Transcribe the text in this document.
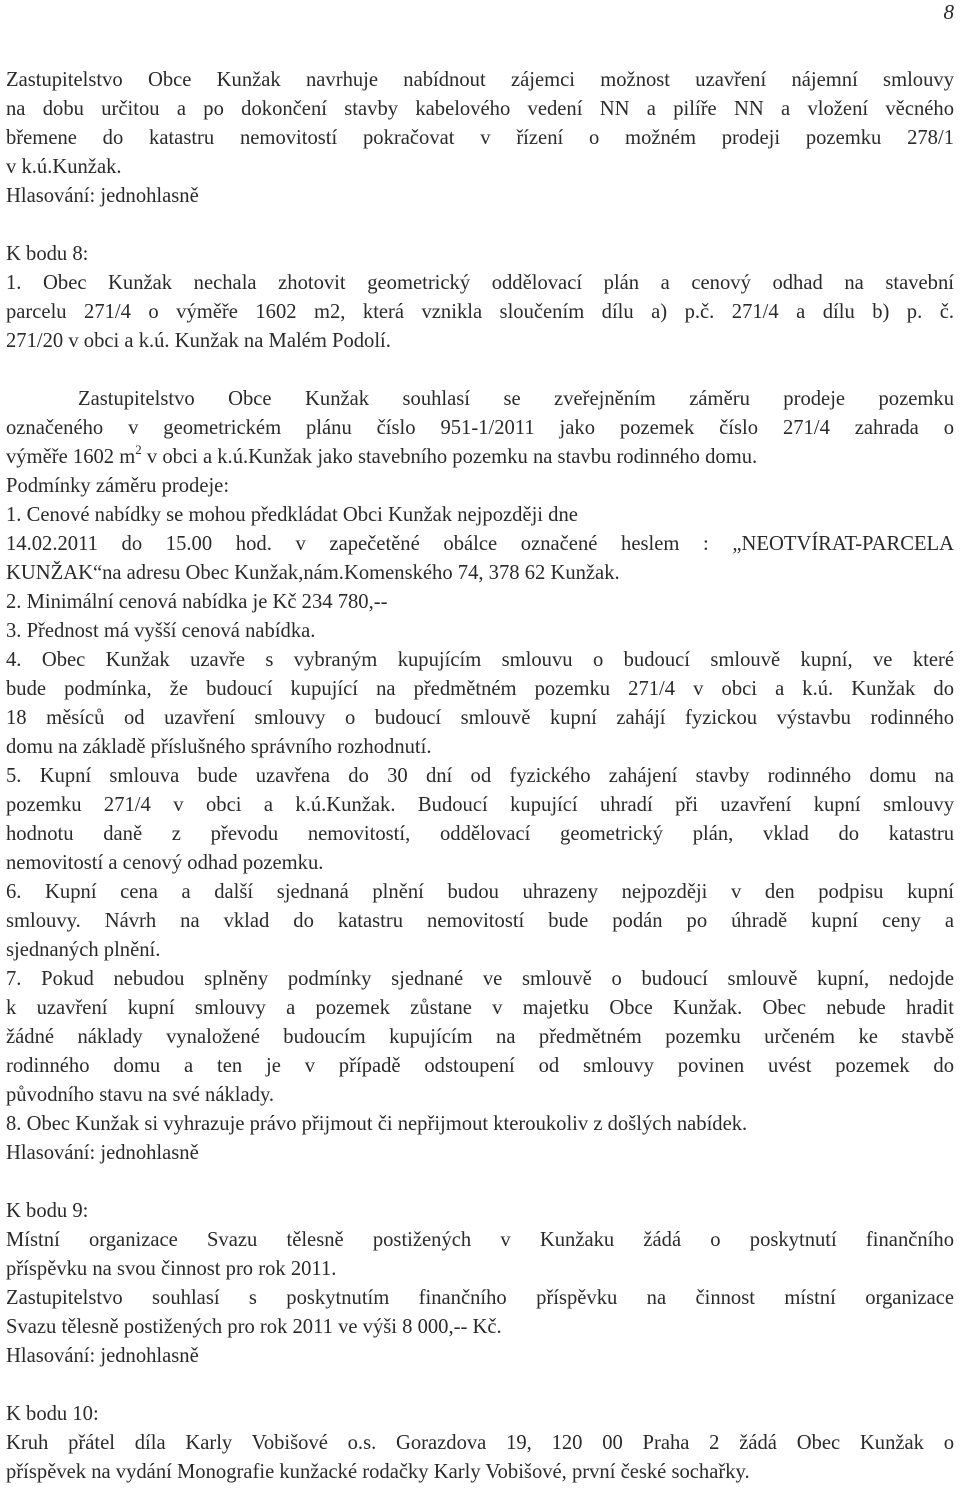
8
Zastupitelstvo Obce Kunžak navrhuje nabídnout zájemci možnost uzavření nájemní smlouvy
na dobu určitou a po dokončení stavby kabelového vedení NN a pilíře NN a vložení věcného
břemene do katastru nemovitostí pokračovat v řízení o možném prodeji pozemku 278/1
v k.ú.Kunžak.
Hlasování: jednohlasně
K bodu 8:
1. Obec Kunžak nechala zhotovit geometrický oddělovací plán a cenový odhad na stavební
parcelu 271/4 o výměře 1602 m2, která vznikla sloučením dílu a) p.č. 271/4 a dílu b) p. č.
271/20 v obci a k.ú. Kunžak na Malém Podolí.
Zastupitelstvo Obce Kunžak souhlasí se zveřejněním záměru prodeje pozemku
označeného v geometrickém plánu číslo 951-1/2011 jako pozemek číslo 271/4 zahrada o
výměře 1602 $m^2$ v obci a k.ú.Kunžak jako stavebního pozemku na stavbu rodinného domu.
Podmínky záměru prodeje:
1. Cenové nabídky se mohou předkládat Obci Kunžak nejpozději dne
14.02.2011 do 15.00 hod. v zapečetěné obálce označené heslem : „NEOTVÍRAT-PARCELA
KUNŽAK“na adresu Obec Kunžak,nám.Komenského 74, 378 62 Kunžak.
2. Minimální cenová nabídka je Kč 234 780,--
3. Přednost má vyšší cenová nabídka.
4. Obec Kunžak uzavře s vybraným kupujícím smlouvu o budoucí smlouvě kupní, ve které
bude podmínka, že budoucí kupující na předmětném pozemku 271/4 v obci a k.ú. Kunžak do
18 měsíců od uzavření smlouvy o budoucí smlouvě kupní zahájí fyzickou výstavbu rodinného
domu na základě příslušného správního rozhodnutí.
5. Kupní smlouva bude uzavřena do 30 dní od fyzického zahájení stavby rodinného domu na
pozemku 271/4 v obci a k.ú.Kunžak. Budoucí kupující uhradí při uzavření kupní smlouvy
hodnotu daně z převodu nemovitostí, oddělovací geometrický plán, vklad do katastru
nemovitostí a cenový odhad pozemku.
6. Kupní cena a další sjednaná plnění budou uhrazeny nejpozději v den podpisu kupní
smlouvy. Návrh na vklad do katastru nemovitostí bude podán po úhradě kupní ceny a
sjednaných plnění.
7. Pokud nebudou splněny podmínky sjednané ve smlouvě o budoucí smlouvě kupní, nedojde
k uzavření kupní smlouvy a pozemek zůstane v majetku Obce Kunžak. Obec nebude hradit
žádné náklady vynaložené budoucím kupujícím na předmětném pozemku určeném ke stavbě
rodinného domu a ten je v případě odstoupení od smlouvy povinen uvést pozemek do
původního stavu na své náklady.
8. Obec Kunžak si vyhrazuje právo přijmout či nepřijmout kteroukoliv z došlých nabídek.
Hlasování: jednohlasně
K bodu 9:
Místní organizace Svazu tělesně postižených v Kunžaku žádá o poskytnutí finančního
příspěvku na svou činnost pro rok 2011.
Zastupitelstvo souhlasí s poskytnutím finančního příspěvku na činnost místní organizace
Svazu tělesně postižených pro rok 2011 ve výši 8 000,-- Kč.
Hlasování: jednohlasně
K bodu 10:
Kruh přátel díla Karly Vobišové o.s. Gorazdova 19, 120 00 Praha 2 žádá Obec Kunžak o
příspěvek na vydání Monografie kunžacké rodačky Karly Vobišové, první české sochařky.
